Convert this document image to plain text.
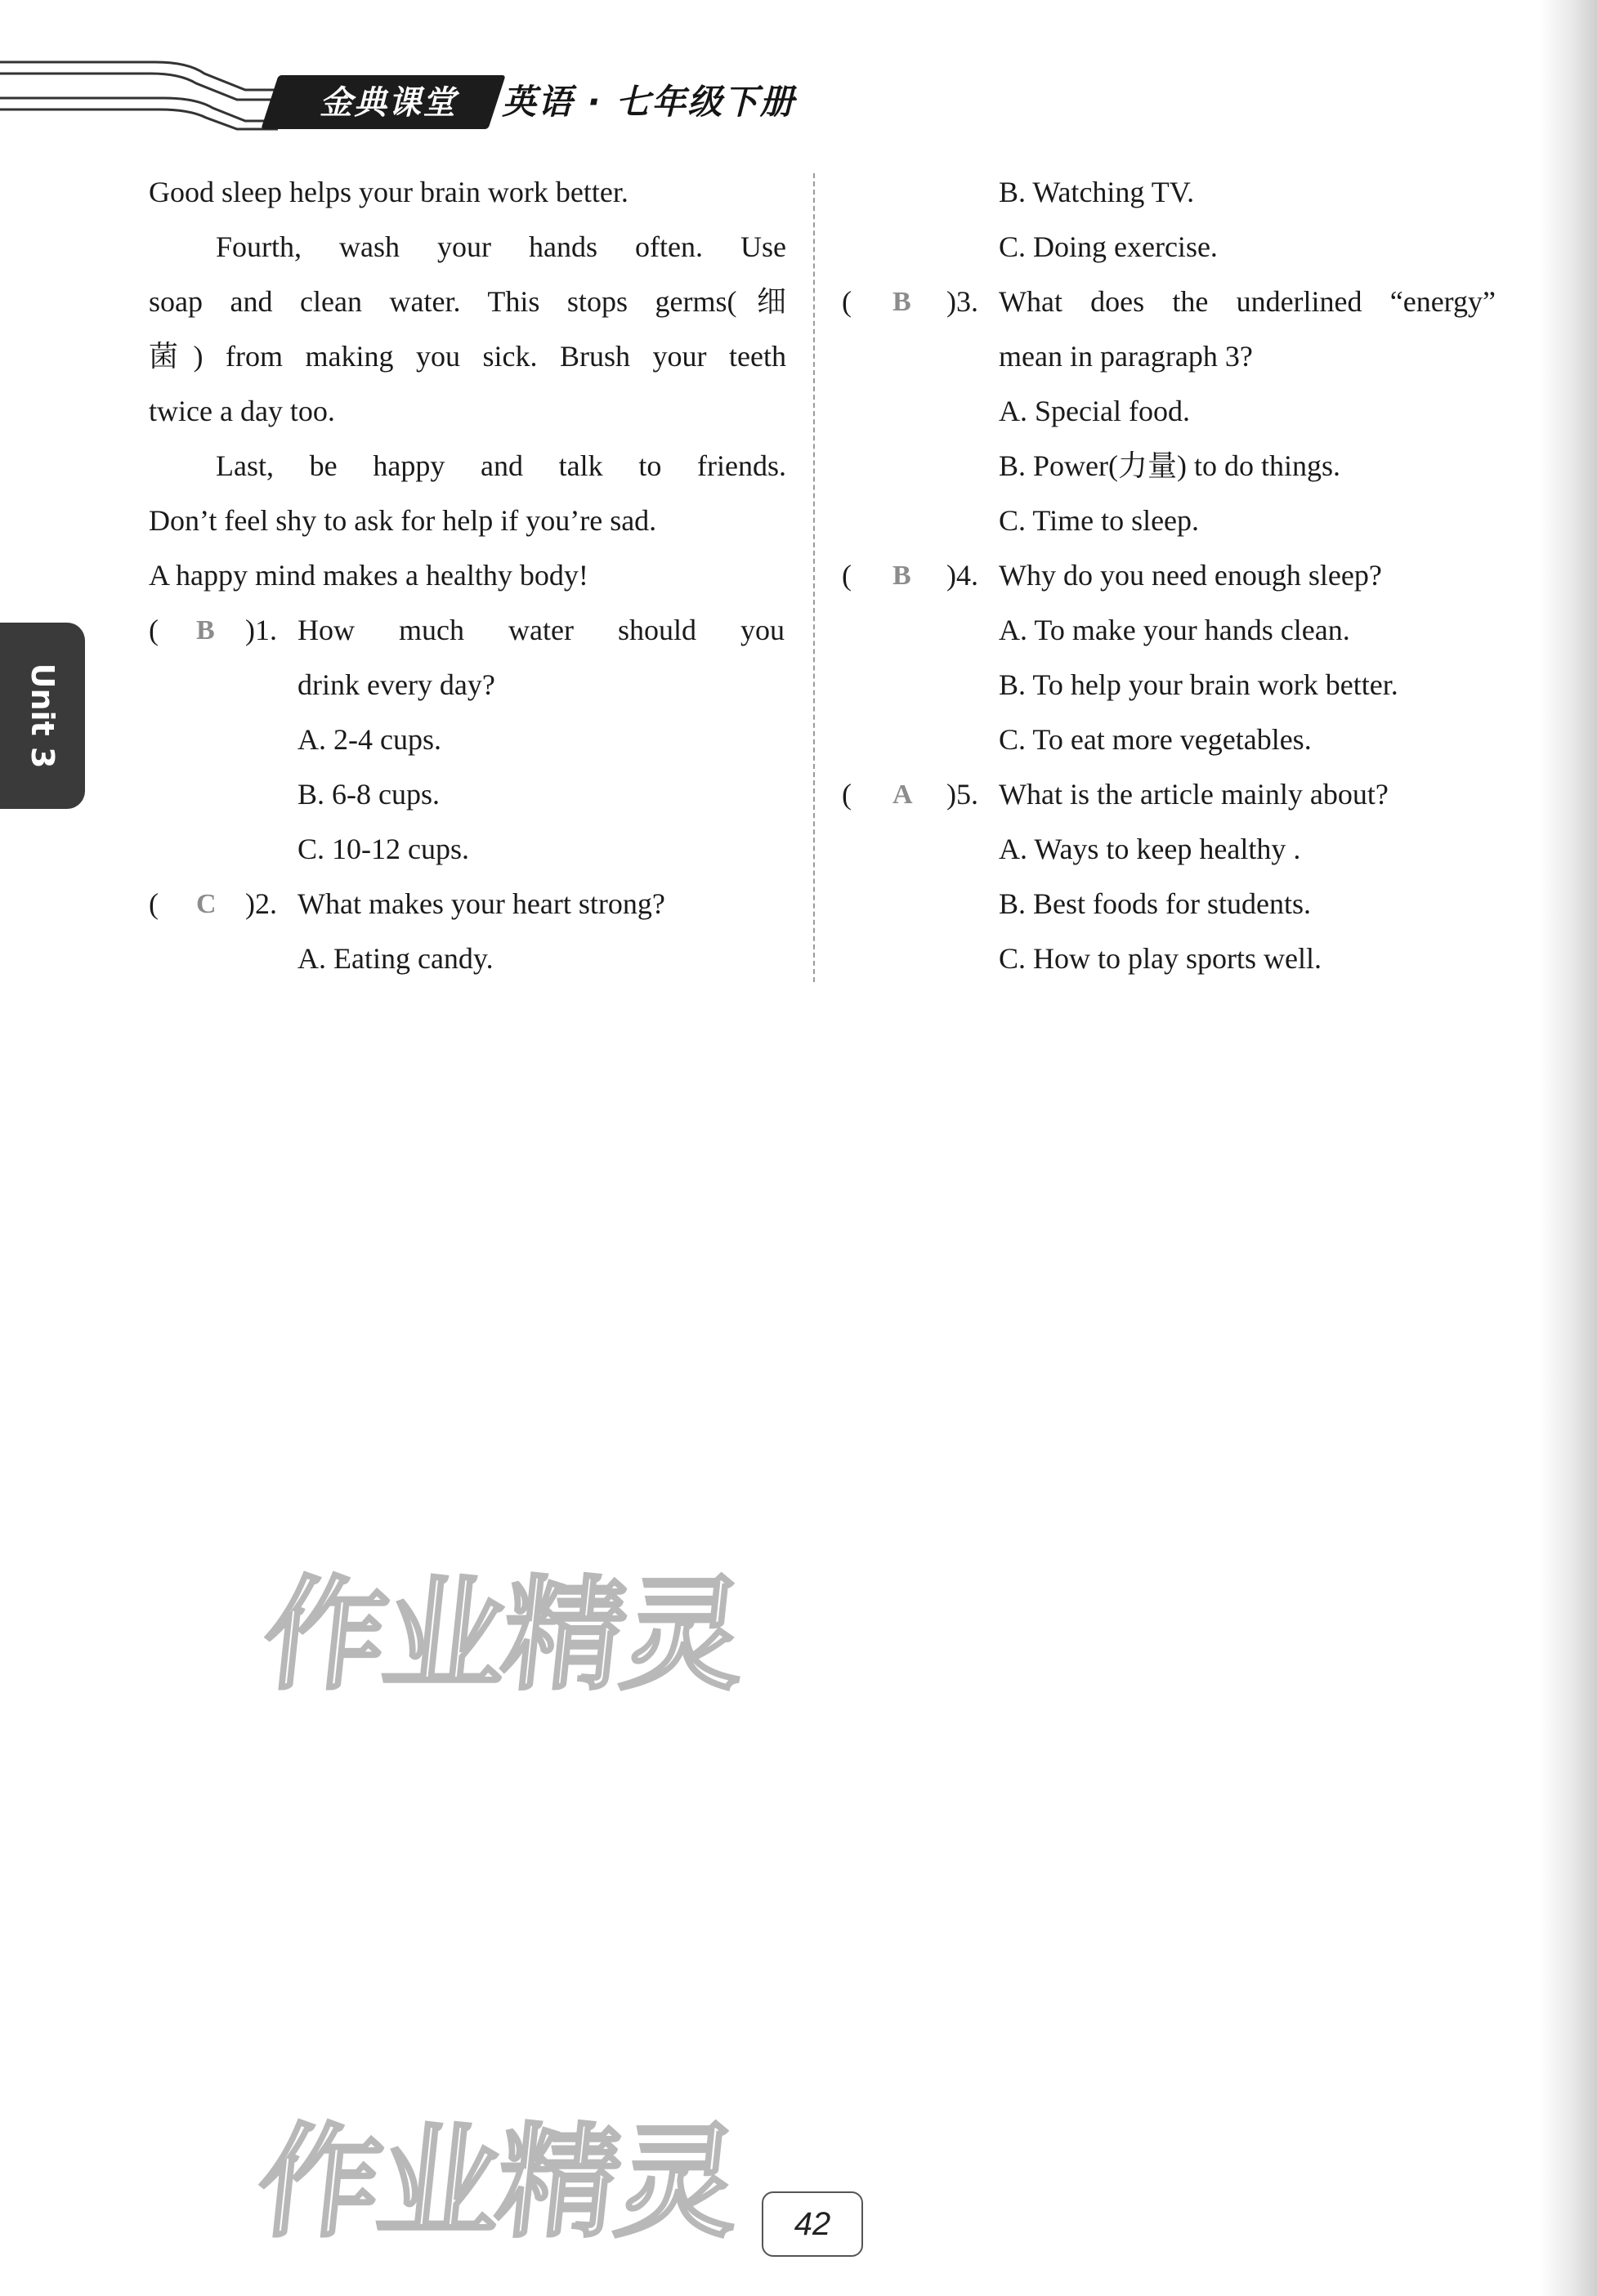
金典课堂	英语 · 七年级下册
Unit 3
Good sleep helps your brain work better.
Fourth, wash your hands often. Use
soap and clean water. This stops germs(细
菌) from making you sick. Brush your teeth
twice a day too.
Last, be happy and talk to friends.
Don’t feel shy to ask for help if you’re sad.
A happy mind makes a healthy body!
( B )1. How much water should you
drink every day?
A. 2-4 cups.
B. 6-8 cups.
C. 10-12 cups.
( C )2. What makes your heart strong?
A. Eating candy.
B. Watching TV.
C. Doing exercise.
( B )3. What does the underlined “energy”
mean in paragraph 3?
A. Special food.
B. Power(力量) to do things.
C. Time to sleep.
( B )4. Why do you need enough sleep?
A. To make your hands clean.
B. To help your brain work better.
C. To eat more vegetables.
( A )5. What is the article mainly about?
A. Ways to keep healthy .
B. Best foods for students.
C. How to play sports well.
作业精灵
作业精灵	42
